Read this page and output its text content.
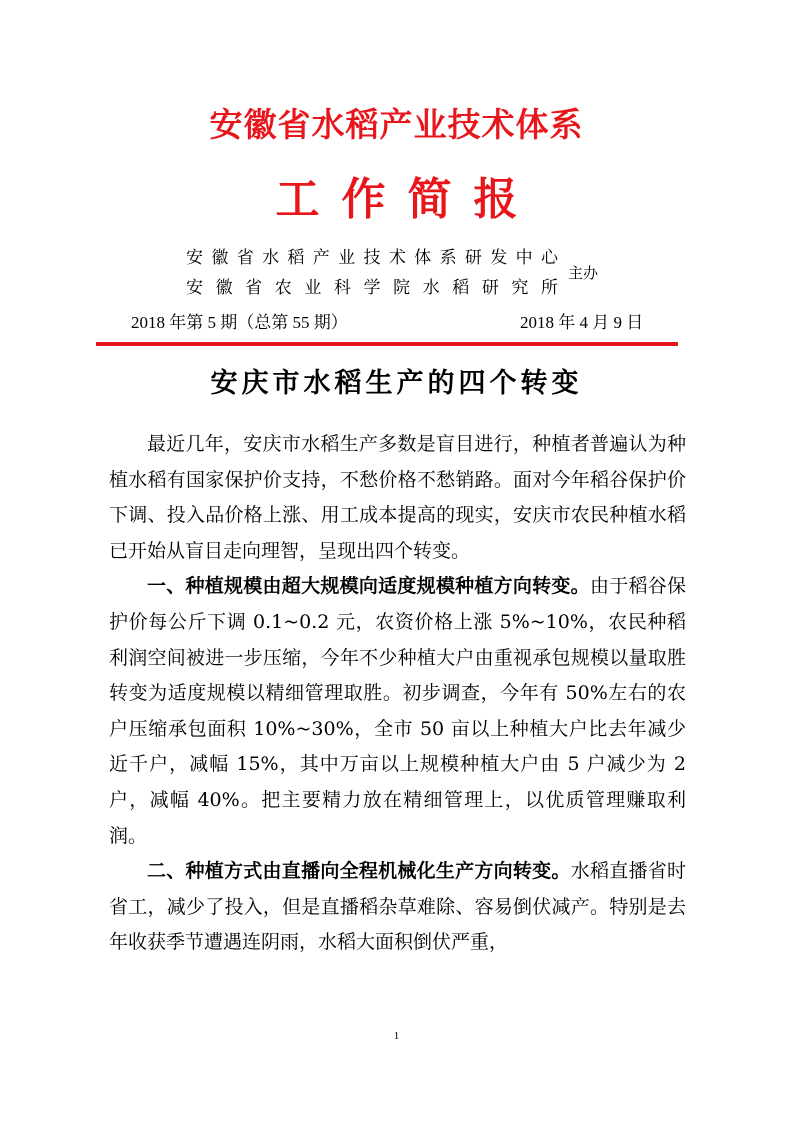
安徽省水稻产业技术体系
工作简报
安徽省水稻产业技术体系研发中心
安徽省农业科学院水稻研究所
主办
2018 年第 5 期（总第 55 期）	2018 年 4 月 9 日
安庆市水稻生产的四个转变

最近几年，安庆市水稻生产多数是盲目进行，种植者普遍认为种植水稻有国家保护价支持，不愁价格不愁销路。面对今年稻谷保护价下调、投入品价格上涨、用工成本提高的现实，安庆市农民种植水稻已开始从盲目走向理智，呈现出四个转变。

一、种植规模由超大规模向适度规模种植方向转变。由于稻谷保护价每公斤下调 0.1~0.2 元，农资价格上涨 5%~10%，农民种稻利润空间被进一步压缩，今年不少种植大户由重视承包规模以量取胜转变为适度规模以精细管理取胜。初步调查，今年有 50%左右的农户压缩承包面积 10%~30%，全市 50 亩以上种植大户比去年减少近千户，减幅 15%，其中万亩以上规模种植大户由 5 户减少为 2 户，减幅 40%。把主要精力放在精细管理上，以优质管理赚取利润。

二、种植方式由直播向全程机械化生产方向转变。水稻直播省时省工，减少了投入，但是直播稻杂草难除、容易倒伏减产。特别是去年收获季节遭遇连阴雨，水稻大面积倒伏严重，

1
